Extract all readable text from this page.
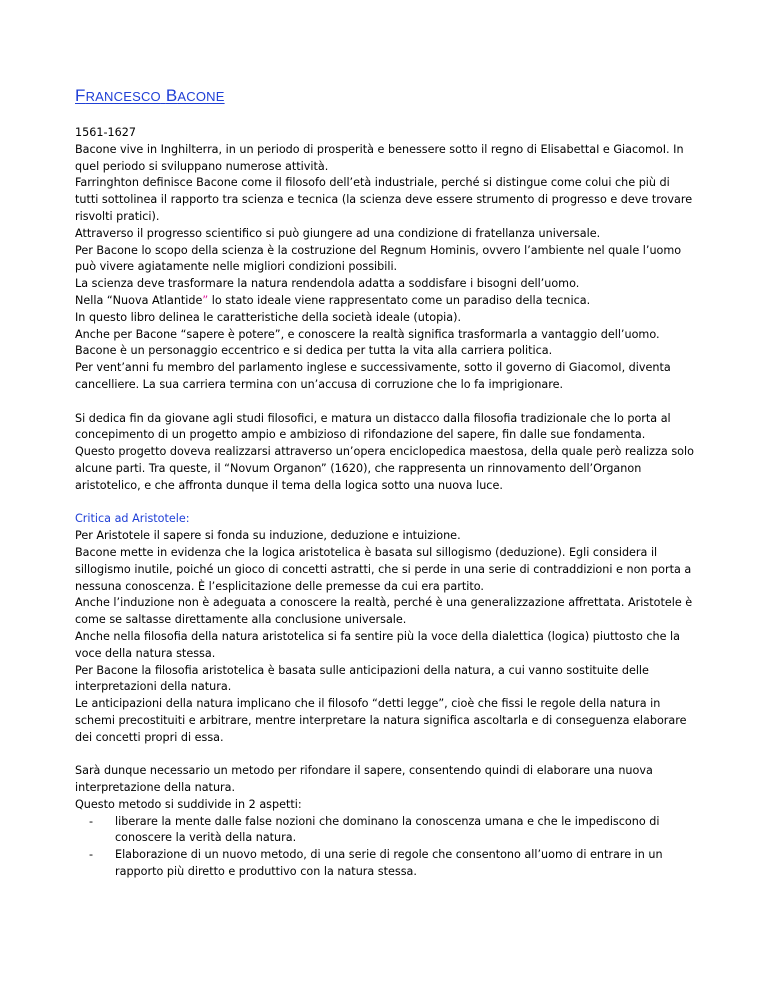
FRANCESCO BACONE
1561-1627
Bacone vive in Inghilterra, in un periodo di prosperità e benessere sotto il regno di ElisabettaI e GiacomoI. In quel periodo si sviluppano numerose attività.
Farringhton definisce Bacone come il filosofo dell’età industriale, perché si distingue come colui che più di tutti sottolinea il rapporto tra scienza e tecnica (la scienza deve essere strumento di progresso e deve trovare risvolti pratici).
Attraverso il progresso scientifico si può giungere ad una condizione di fratellanza universale.
Per Bacone lo scopo della scienza è la costruzione del Regnum Hominis, ovvero l’ambiente nel quale l’uomo può vivere agiatamente nelle migliori condizioni possibili.
La scienza deve trasformare la natura rendendola adatta a soddisfare i bisogni dell’uomo.
Nella “Nuova Atlantide” lo stato ideale viene rappresentato come un paradiso della tecnica.
In questo libro delinea le caratteristiche della società ideale (utopia).
Anche per Bacone “sapere è potere”, e conoscere la realtà significa trasformarla a vantaggio dell’uomo.
Bacone è un personaggio eccentrico e si dedica per tutta la vita alla carriera politica.
Per vent’anni fu membro del parlamento inglese e successivamente, sotto il governo di GiacomoI, diventa cancelliere. La sua carriera termina con un’accusa di corruzione che lo fa imprigionare.
Si dedica fin da giovane agli studi filosofici, e matura un distacco dalla filosofia tradizionale che lo porta al concepimento di un progetto ampio e ambizioso di rifondazione del sapere, fin dalle sue fondamenta.
Questo progetto doveva realizzarsi attraverso un’opera enciclopedica maestosa, della quale però realizza solo alcune parti. Tra queste, il “Novum Organon” (1620), che rappresenta un rinnovamento dell’Organon aristotelico, e che affronta dunque il tema della logica sotto una nuova luce.
Critica ad Aristotele:
Per Aristotele il sapere si fonda su induzione, deduzione e intuizione.
Bacone mette in evidenza che la logica aristotelica è basata sul sillogismo (deduzione). Egli considera il sillogismo inutile, poiché un gioco di concetti astratti, che si perde in una serie di contraddizioni e non porta a nessuna conoscenza. È l’esplicitazione delle premesse da cui era partito.
Anche l’induzione non è adeguata a conoscere la realtà, perché è una generalizzazione affrettata. Aristotele è come se saltasse direttamente alla conclusione universale.
Anche nella filosofia della natura aristotelica si fa sentire più la voce della dialettica (logica) piuttosto che la voce della natura stessa.
Per Bacone la filosofia aristotelica è basata sulle anticipazioni della natura, a cui vanno sostituite delle interpretazioni della natura.
Le anticipazioni della natura implicano che il filosofo “detti legge”, cioè che fissi le regole della natura in schemi precostituiti e arbitrare, mentre interpretare la natura significa ascoltarla e di conseguenza elaborare dei concetti propri di essa.
Sarà dunque necessario un metodo per rifondare il sapere, consentendo quindi di elaborare una nuova interpretazione della natura.
Questo metodo si suddivide in 2 aspetti:
- liberare la mente dalle false nozioni che dominano la conoscenza umana e che le impediscono di conoscere la verità della natura.
- Elaborazione di un nuovo metodo, di una serie di regole che consentono all’uomo di entrare in un rapporto più diretto e produttivo con la natura stessa.
